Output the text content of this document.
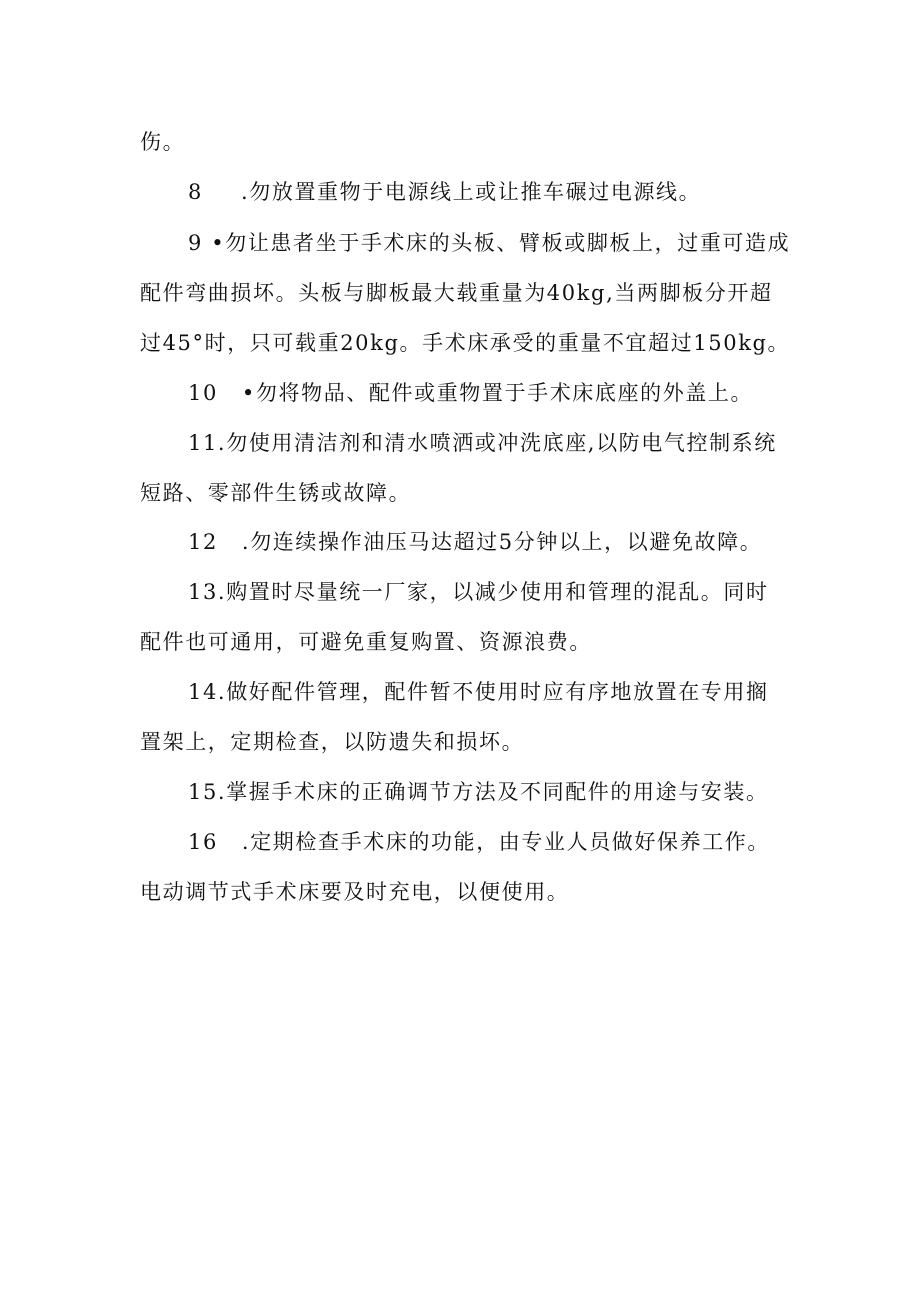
伤。
8 .勿放置重物于电源线上或让推车碾过电源线。
9 •勿让患者坐于手术床的头板、臂板或脚板上，过重可造成
配件弯曲损坏。头板与脚板最大载重量为40kg,当两脚板分开超
过45°时，只可载重20kg。手术床承受的重量不宜超过150kg。
10 •勿将物品、配件或重物置于手术床底座的外盖上。
11.勿使用清洁剂和清水喷洒或冲洗底座,以防电气控制系统
短路、零部件生锈或故障。
12 .勿连续操作油压马达超过5分钟以上，以避免故障。
13.购置时尽量统一厂家，以减少使用和管理的混乱。同时
配件也可通用，可避免重复购置、资源浪费。
14.做好配件管理，配件暂不使用时应有序地放置在专用搁
置架上，定期检查，以防遗失和损坏。
15.掌握手术床的正确调节方法及不同配件的用途与安装。
16 .定期检查手术床的功能，由专业人员做好保养工作。
电动调节式手术床要及时充电，以便使用。
